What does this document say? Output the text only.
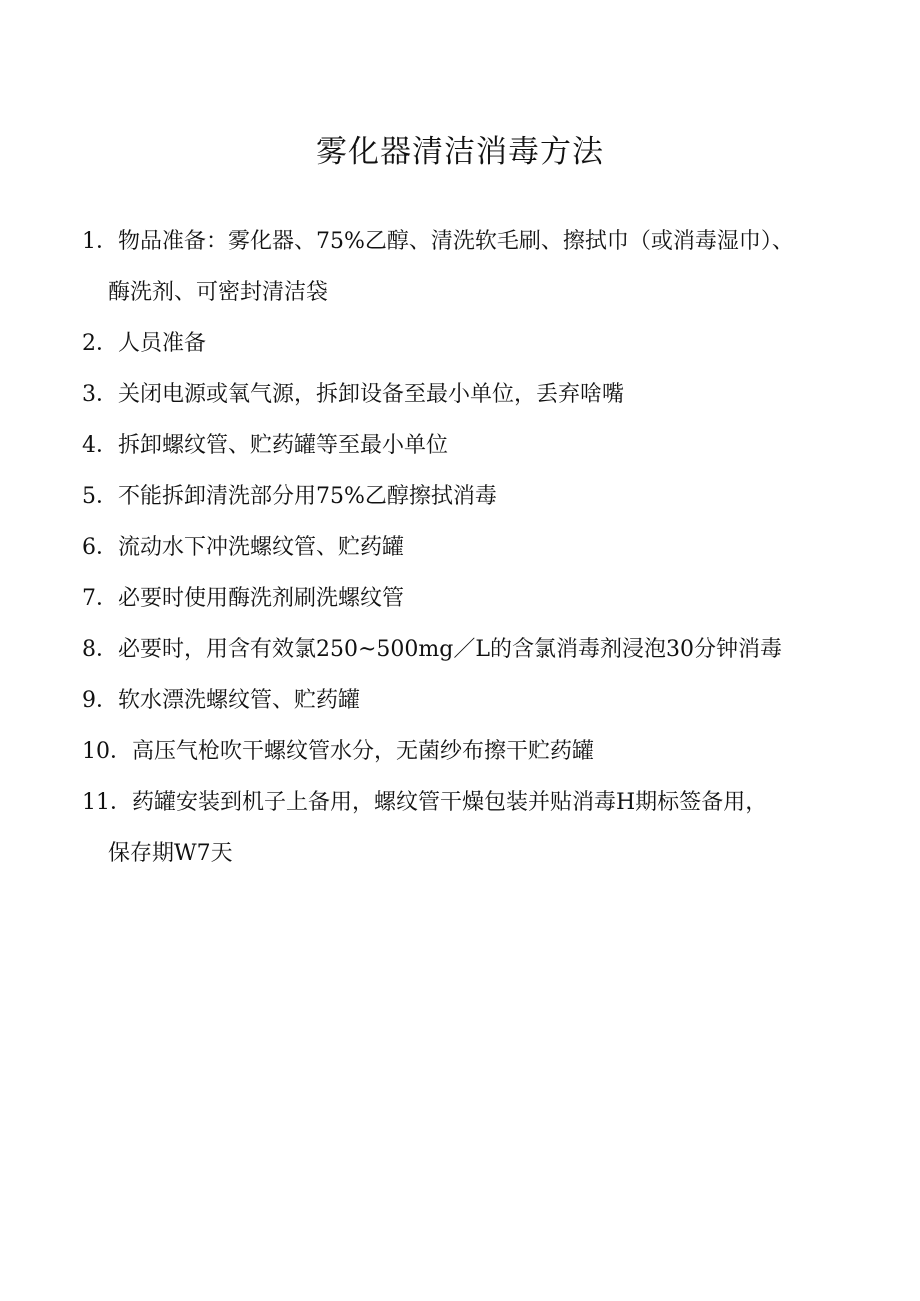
雾化器清洁消毒方法
1．物品准备：雾化器、75%乙醇、清洗软毛刷、擦拭巾（或消毒湿巾）、
酶洗剂、可密封清洁袋
2．人员准备
3．关闭电源或氧气源，拆卸设备至最小单位，丢弃啥嘴
4．拆卸螺纹管、贮药罐等至最小单位
5．不能拆卸清洗部分用75%乙醇擦拭消毒
6．流动水下冲洗螺纹管、贮药罐
7．必要时使用酶洗剂刷洗螺纹管
8．必要时，用含有效氯250~500mg／L的含氯消毒剂浸泡30分钟消毒
9．软水漂洗螺纹管、贮药罐
10．高压气枪吹干螺纹管水分，无菌纱布擦干贮药罐
11．药罐安装到机子上备用，螺纹管干燥包装并贴消毒H期标签备用，
保存期W7天
